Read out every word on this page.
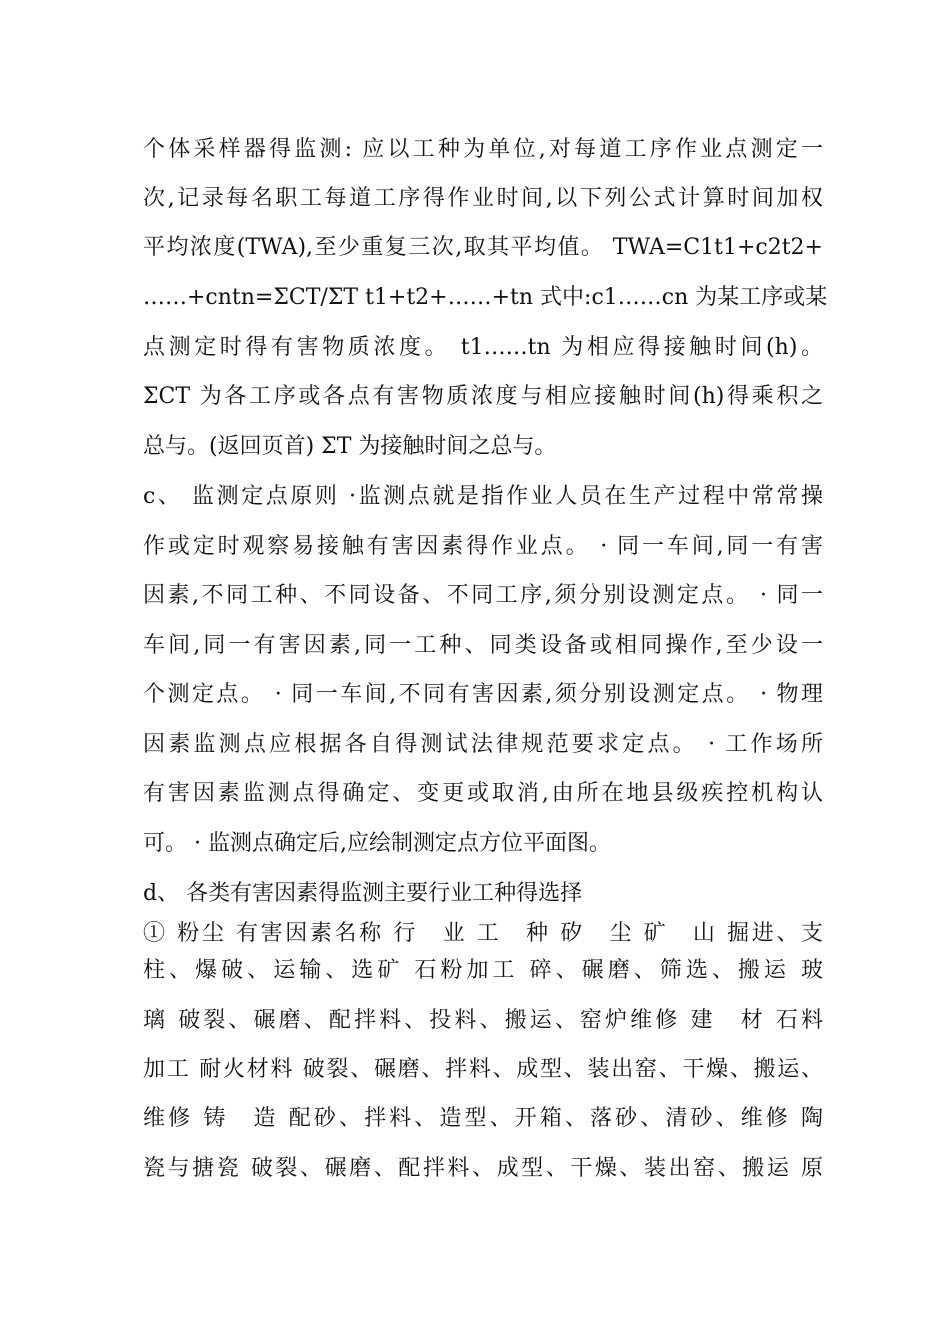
个体采样器得监测: 应以工种为单位,对每道工序作业点测定一
次,记录每名职工每道工序得作业时间,以下列公式计算时间加权
平均浓度(TWA),至少重复三次,取其平均值。 TWA=C1t1+c2t2+
……+cntn=ΣCT/ΣT t1+t2+……+tn 式中:c1……cn 为某工序或某
点测定时得有害物质浓度。 t1……tn 为相应得接触时间(h)。
ΣCT 为各工序或各点有害物质浓度与相应接触时间(h)得乘积之
总与。(返回页首) ΣT 为接触时间之总与。
c、 监测定点原则 ·监测点就是指作业人员在生产过程中常常操
作或定时观察易接触有害因素得作业点。 · 同一车间,同一有害
因素,不同工种、不同设备、不同工序,须分别设测定点。 · 同一
车间,同一有害因素,同一工种、同类设备或相同操作,至少设一
个测定点。 · 同一车间,不同有害因素,须分别设测定点。 · 物理
因素监测点应根据各自得测试法律规范要求定点。 · 工作场所
有害因素监测点得确定、变更或取消,由所在地县级疾控机构认
可。 · 监测点确定后,应绘制测定点方位平面图。
d、 各类有害因素得监测主要行业工种得选择
① 粉尘 有害因素名称 行　业 工　种 矽　尘 矿　山 掘进、支
柱、爆破、运输、选矿 石粉加工 碎、碾磨、筛选、搬运 玻
璃 破裂、碾磨、配拌料、投料、搬运、窑炉维修 建　材 石料
加工 耐火材料 破裂、碾磨、拌料、成型、装出窑、干燥、搬运、
维修 铸　造 配砂、拌料、造型、开箱、落砂、清砂、维修 陶
瓷与搪瓷 破裂、碾磨、配拌料、成型、干燥、装出窑、搬运 原
